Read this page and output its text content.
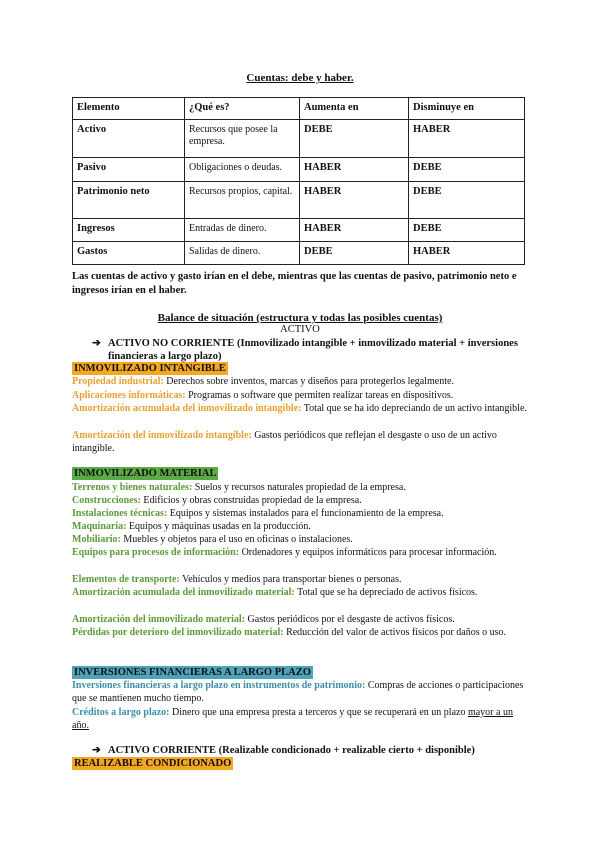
Cuentas: debe y haber.
Elemento	¿Qué es?	Aumenta en	Disminuye en
Activo	Recursos que posee la empresa.	DEBE	HABER
Pasivo	Obligaciones o deudas.	HABER	DEBE
Patrimonio neto	Recursos propios, capital.	HABER	DEBE
Ingresos	Entradas de dinero.	HABER	DEBE
Gastos	Salidas de dinero.	DEBE	HABER
Las cuentas de activo y gasto irían en el debe, mientras que las cuentas de pasivo, patrimonio neto e ingresos irían en el haber.
Balance de situación (estructura y todas las posibles cuentas)
ACTIVO
➔ ACTIVO NO CORRIENTE (Inmovilizado intangible + inmovilizado material + inversiones financieras a largo plazo)
INMOVILIZADO INTANGIBLE
Propiedad industrial: Derechos sobre inventos, marcas y diseños para protegerlos legalmente.
Aplicaciones informáticas: Programas o software que permiten realizar tareas en dispositivos.
Amortización acumulada del inmovilizado intangible: Total que se ha ido depreciando de un activo intangible.
Amortización del inmovilizado intangible: Gastos periódicos que reflejan el desgaste o uso de un activo intangible.
INMOVILIZADO MATERIAL
Terrenos y bienes naturales: Suelos y recursos naturales propiedad de la empresa.
Construcciones: Edificios y obras construidas propiedad de la empresa.
Instalaciones técnicas: Equipos y sistemas instalados para el funcionamiento de la empresa.
Maquinaria: Equipos y máquinas usadas en la producción.
Mobiliario: Muebles y objetos para el uso en oficinas o instalaciones.
Equipos para procesos de información: Ordenadores y equipos informáticos para procesar información.
Elementos de transporte: Vehículos y medios para transportar bienes o personas.
Amortización acumulada del inmovilizado material: Total que se ha depreciado de activos físicos.
Amortización del inmovilizado material: Gastos periódicos por el desgaste de activos físicos.
Pérdidas por deterioro del inmovilizado material: Reducción del valor de activos físicos por daños o uso.
INVERSIONES FINANCIERAS A LARGO PLAZO
Inversiones financieras a largo plazo en instrumentos de patrimonio: Compras de acciones o participaciones que se mantienen mucho tiempo.
Créditos a largo plazo: Dinero que una empresa presta a terceros y que se recuperará en un plazo mayor a un año.
➔ ACTIVO CORRIENTE (Realizable condicionado + realizable cierto + disponible)
REALIZABLE CONDICIONADO
